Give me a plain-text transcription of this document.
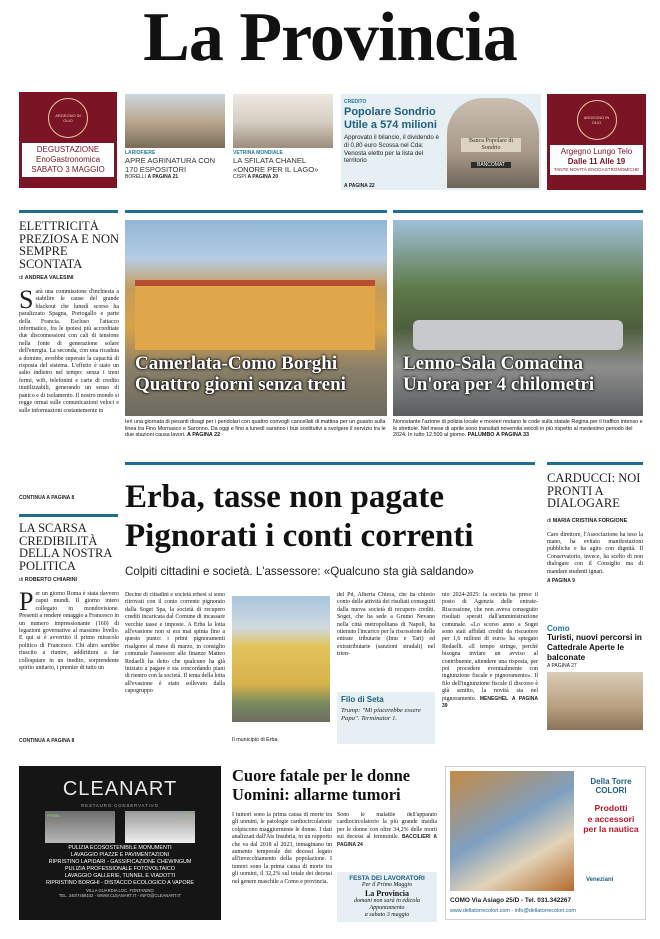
La Provincia
ARGEGNO IN OLIO
DEGUSTAZIONE
EnoGastronomica
SABATO 3 MAGGIO
LARIOFIERE
APRE AGRINATURA CON 170 ESPOSITORI
BORELLI A PAGINA 21
VETRINA MONDIALE
LA SFILATA CHANEL «ONORE PER IL LAGO»
CISPI A PAGINA 20
CREDITO
Popolare Sondrio Utile a 574 milioni
Approvato il bilancio, il dividendo è di 0,80 euro Scossa nel Cda: Venosta eletto per la lista del territorio
A PAGINA 22
Banca Popolare di Sondrio
BANCOMAT
ARGEGNO IN OLIO
Argegno Lungo Telo
Dalle 11 Alle 19
TANTE NOVITÀ ENOGASTRONOMICHE
ELETTRICITÀ PREZIOSA E NON SEMPRE SCONTATA
di ANDREA VALESINI
Sarà una commissione d'inchiesta a stabilire le cause del grande blackout che lunedì scorso ha paralizzato Spagna, Portogallo e parte della Francia. Escluso l'attacco informatico, fra le ipotesi più accreditate due disconnessioni con cali di tensione nella fonte di generazione solare dell'energia. La seconda, con una ricaduta a domino, avrebbe superato la capacità di risposta del sistema. L'effetto è stato un salto indietro nel tempo: senza i treni fermi, wifi, telefonini e carte di credito inutilizzabili, generando un senso di panico e di isolamento. Il nostro mondo si regge ormai sulle comunicazioni veloci e sulle informazioni costantemente in
CONTINUA A PAGINA 8
Camerlata-Como Borghi
Quattro giorni senza treni
Ieri una giornata di pesanti disagi per i pendolari con quattro convogli cancellati di mattina per un guasto sulla linea tra Fino Mornasco e Saronno. Da oggi e fino a lunedì saranno i bus sostitutivi a svolgere il servizio tra le due stazioni causa lavori. A PAGINA 22
Lenno-Sala Comacina
Un'ora per 4 chilometri
Nonostante l'azione di polizia locale e movieri restano le code sulla statale Regina per il traffico intenso e le strettoie. Nel mese di aprile sono transitati novemila veicoli in più rispetto al medesimo periodo del 2024. In tutto 12.500 al giorno. PALUMBO A PAGINA 33
LA SCARSA CREDIBILITÀ DELLA NOSTRA POLITICA
di ROBERTO CHIARINI
Per un giorno Roma è stata davvero caput mundi. Il giorno intero collegato in mondovisione. Presenti a rendere omaggio a Francesco in un numero impressionante (160) di legazioni governative al massimo livello. E qui si è avvertito il primo miracolo politico di Francesco. Chi altro sarebbe riuscito a riunire, addirittura a far colloquiare in un inedito, sorprendente spirito unitario, i premier di tutto un
CONTINUA A PAGINA 8
Erba, tasse non pagate
Pignorati i conti correnti
Colpiti cittadini e società. L'assessore: «Qualcuno sta già saldando»
Decine di cittadini e società erbesi si sono ritrovati con il conto corrente pignorato dalla Soget Spa, la società di recupero crediti incaricata dal Comune di incassare vecchie tasse e imposte. A Erba la lotta all'evasione non si era mai spinta fino a questo punto: i primi pignoramenti risalgono al mese di marzo, in consiglio comunale l'assessore alle finanze Matteo Redaelli ha detto che qualcuno ha già iniziato a pagare e sta concordando piani di rientro con la società. Il tema della lotta all'evasione è stato sollevato dalla capogruppo
Il municipio di Erba
del Pd, Alberta Chiesa, che ha chiesto conto delle attività dei risultati conseguiti dalla nuova società di recupero crediti. Soget, che ha sede a Grumo Nevano nella città metropolitana di Napoli, ha ottenuto l'incarico per la riscossione delle entrate tributarie (Imu e Tari) ed extratributarie (sanzioni stradali) nel trien-
Filo di Seta
Trump: "Mi piacerebbe essere Papa". Terminator 1.
nio 2024-2025: la società ha preso il posto di Agenzia delle entrate-Riscossione, che non aveva conseguito risultati sperati dall'amministrazione comunale. «Lo scorso anno a Soget sono stati affidati crediti da riscuotere per 1,6 milioni di euro» ha spiegato Redaelli. «Il tempo stringe, perché bisogna inviare un avviso al contribuente, attendere una risposta, per poi procedere eventualmente con ingiunzione fiscale e pignoramento». Il filo dell'ingiunzione fiscale il discorso è già sentito, la novità sta nel pignoramento. MENEGHEL A PAGINA 39
CARDUCCI: NOI PRONTI A DIALOGARE
di MARIA CRISTINA FORGIONE
Caro direttore, l'Associazione ha teso la mano, ha evitato manifestazioni pubbliche e ha agito con dignità. Il Conservatorio, invece, ha scelto di non dialogare con il Consiglio ma di mandare studenti ignari.
A PAGINA 9
Como
Turisti, nuovi percorsi in Cattedrale Aperte le balconate
A PAGINA 27
CLEANART
RESTAURO CONSERVATIVO
PRIMA	DOPO
PULIZIA ECOSOSTENIBILE MONUMENTI
LAVAGGIO PIAZZE E PAVIMENTAZIONI
RIPRISTINO LAPIDARI - GASSIFICAZIONE CHEWINGUM
PULIZIA PROFESSIONALE FOTOVOLTAICO
LAVAGGIO GALLERIE, TUNNEL E VIADOTTI
RIPRISTINO BORGHI - DISTACCO ECOLOGICO A VAPORE
VILLA GUARDIA LOC. FONTANINO
TEL. 340/7468102 - WWW.CLEANART.IT - INFO@CLEANART.IT
Cuore fatale per le donne
Uomini: allarme tumori
I tumori sono la prima causa di morte tra gli uomini, le patologie cardiocircolatorie colpiscono maggiormente le donne. I dati analizzati dall'Ats Insubria, in un rapporto che va dal 2018 al 2023, inmaginano un aumento temporale dei decessi legato all'invecchiamento della popolazione. I tumori sono la prima causa di morte tra gli uomini, il 32,2% sul totale dei decessi nel genere maschile a Como e provincia.
Sono le malattie dell'apparato cardiocircolatorio la più grande insidia per le donne con oltre 34,2% delle morti sui decessi al femminile. BACCILIERI A PAGINA 24
FESTA DEI LAVORATORI
Per il Primo Maggio
La Provincia
domani non sarà in edicola
Appuntamento
a sabato 3 maggio
Della Torre COLORI
Prodotti
e accessori
per la nautica
Veneziani
COMO Via Asiago 25/D - Tel. 031.342267
www.dellatorrecolori.com - info@dellatorrecolori.com
